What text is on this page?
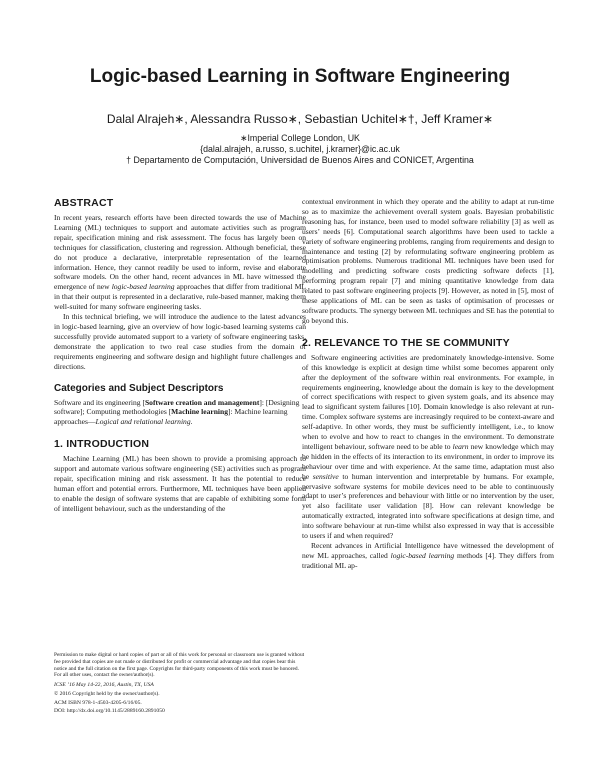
Logic-based Learning in Software Engineering
Dalal Alrajeh∗, Alessandra Russo∗, Sebastian Uchitel∗†, Jeff Kramer∗
∗Imperial College London, UK
{dalal.alrajeh, a.russo, s.uchitel, j.kramer}@ic.ac.uk
† Departamento de Computación, Universidad de Buenos Aires and CONICET, Argentina
ABSTRACT

In recent years, research efforts have been directed towards the use of Machine Learning (ML) techniques to support and automate activities such as program repair, specification mining and risk assessment. The focus has largely been on techniques for classification, clustering and regression. Although beneficial, these do not produce a declarative, interpretable representation of the learned information. Hence, they cannot readily be used to inform, revise and elaborate software models. On the other hand, recent advances in ML have witnessed the emergence of new logic-based learning approaches that differ from traditional ML in that their output is represented in a declarative, rule-based manner, making them well-suited for many software engineering tasks.

In this technical briefing, we will introduce the audience to the latest advances in logic-based learning, give an overview of how logic-based learning systems can successfully provide automated support to a variety of software engineering tasks, demonstrate the application to two real case studies from the domain of requirements engineering and software design and highlight future challenges and directions.

Categories and Subject Descriptors

Software and its engineering [Software creation and management]: [Designing software]; Computing methodologies [Machine learning]: Machine learning approaches—Logical and relational learning.

1. INTRODUCTION

Machine Learning (ML) has been shown to provide a promising approach to support and automate various software engineering (SE) activities such as program repair, specification mining and risk assessment. It has the potential to reduce human effort and potential errors. Furthermore, ML techniques have been applied to enable the design of software systems that are capable of exhibiting some form of intelligent behaviour, such as the understanding of the

Permission to make digital or hard copies of part or all of this work for personal or classroom use is granted without fee provided that copies are not made or distributed for profit or commercial advantage and that copies bear this notice and the full citation on the first page. Copyrights for third-party components of this work must be honored. For all other uses, contact the owner/author(s).

ICSE ’16 May 14-22, 2016, Austin, TX, USA
© 2016 Copyright held by the owner/author(s).
ACM ISBN 978-1-4503-4205-6/16/05.
DOI: http://dx.doi.org/10.1145/2889160.2891050

contextual environment in which they operate and the ability to adapt at run-time so as to maximize the achievement overall system goals. Bayesian probabilistic reasoning has, for instance, been used to model software reliability [3] as well as users’ needs [6]. Computational search algorithms have been used to tackle a variety of software engineering problems, ranging from requirements and design to maintenance and testing [2] by reformulating software engineering problem as optimisation problems. Numerous traditional ML techniques have been used for modelling and predicting software costs predicting software defects [1], performing program repair [7] and mining quantitative knowledge from data related to past software engineering projects [9]. However, as noted in [5], most of these applications of ML can be seen as tasks of optimisation of processes or software products. The synergy between ML techniques and SE has the potential to go beyond this.

2. RELEVANCE TO THE SE COMMUNITY

Software engineering activities are predominately knowledge-intensive. Some of this knowledge is explicit at design time whilst some becomes apparent only after the deployment of the software within real environments. For example, in requirements engineering, knowledge about the domain is key to the development of correct specifications with respect to given system goals, and its absence may lead to significant system failures [10]. Domain knowledge is also relevant at run-time. Complex software systems are increasingly required to be context-aware and self-adaptive. In other words, they must be sufficiently intelligent, i.e., to know when to evolve and how to react to changes in the environment. To demonstrate intelligent behaviour, software need to be able to learn new knowledge which may be hidden in the effects of its interaction to its environment, in order to improve its behaviour over time and with experience. At the same time, adaptation must also be sensitive to human intervention and interpretable by humans. For example, pervasive software systems for mobile devices need to be able to continuously adapt to user’s preferences and behaviour with little or no intervention by the user, yet also facilitate user validation [8]. How can relevant knowledge be automatically extracted, integrated into software specifications at design time, and into software behaviour at run-time whilst also expressed in way that is accessible to users if and when required?

Recent advances in Artificial Intelligence have witnessed the development of new ML approaches, called logic-based learning methods [4]. They differs from traditional ML ap-
